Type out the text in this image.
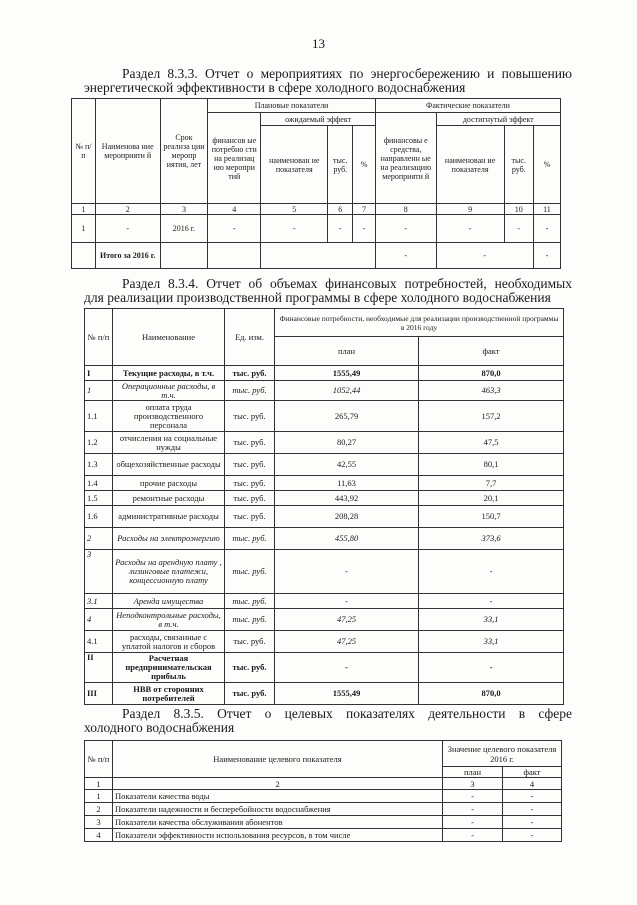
13
Раздел 8.3.3. Отчет о мероприятиях по энергосбережению и повышению
энергетической эффективности в сфере холодного водоснабжения
№ п/п	Наименова ние мероприяти й	Срок реализа ции меропр иятия, лет	Плановые показатели				Фактические показатели			
			финансов ые потребно сти на реализац ию меропри тий	ожидаемый эффект			финансовы е средства, направленн ые на реализацию мероприяти й	достигнутый эффект		
				наименован ие показателя	тыс. руб.	%		наименован ие показателя	тыс. руб.	%
1	2	3	4	5	6	7	8	9	10	11
1	-	2016 г.	-	-	-	-	-	-	-	-
	Итого за 2016 г.						-	-		-
Раздел 8.3.4. Отчет об объемах финансовых потребностей, необходимых
для реализации производственной программы в сфере холодного водоснабжения
№ п/п	Наименование	Ед. изм.	Финансовые потребности, необходимые для реализации производственной программы в 2016 году	
			план	факт
I	Текущие расходы, в т.ч.	тыс. руб.	1555,49	870,0
1	Операционные расходы, в т.ч.	тыс. руб.	1052,44	463,3
1.1	оплата труда производственного персонала	тыс. руб.	265,79	157,2
1.2	отчисления на социальные нужды	тыс. руб.	80,27	47,5
1.3	общехозяйственные расходы	тыс. руб.	42,55	80,1
1.4	прочие расходы	тыс. руб.	11,63	7,7
1.5	ремонтные расходы	тыс. руб.	443,92	20,1
1.6	административные расходы	тыс. руб.	208,28	150,7
2	Расходы на электроэнергию	тыс. руб.	455,80	373,6
3	Расходы на арендную плату , лизинговые платежи, концессионную плату	тыс. руб.	-	-
3.1	Аренда имущества	тыс. руб.	-	-
4	Неподконтрольные расходы, в т.ч.	тыс. руб.	47,25	33,1
4.1	расходы, связанные с уплатой налогов и сборов	тыс. руб.	47,25	33,1
II	Расчетная предпринимательская прибыль	тыс. руб.	-	-
III	НВВ от сторонних потребителей	тыс. руб.	1555,49	870,0
Раздел 8.3.5. Отчет о целевых показателях деятельности в сфере
холодного водоснабжения
№ п/п	Наименование целевого показателя	Значение целевого показателя 2016 г.	
		план	факт
1	2	3	4
1	Показатели качества воды	-	-
2	Показатели надежности и бесперебойности водоснабжения	-	-
3	Показатели качества обслуживания абонентов	-	-
4	Показатели эффективности использования ресурсов, в том числе	-	-
